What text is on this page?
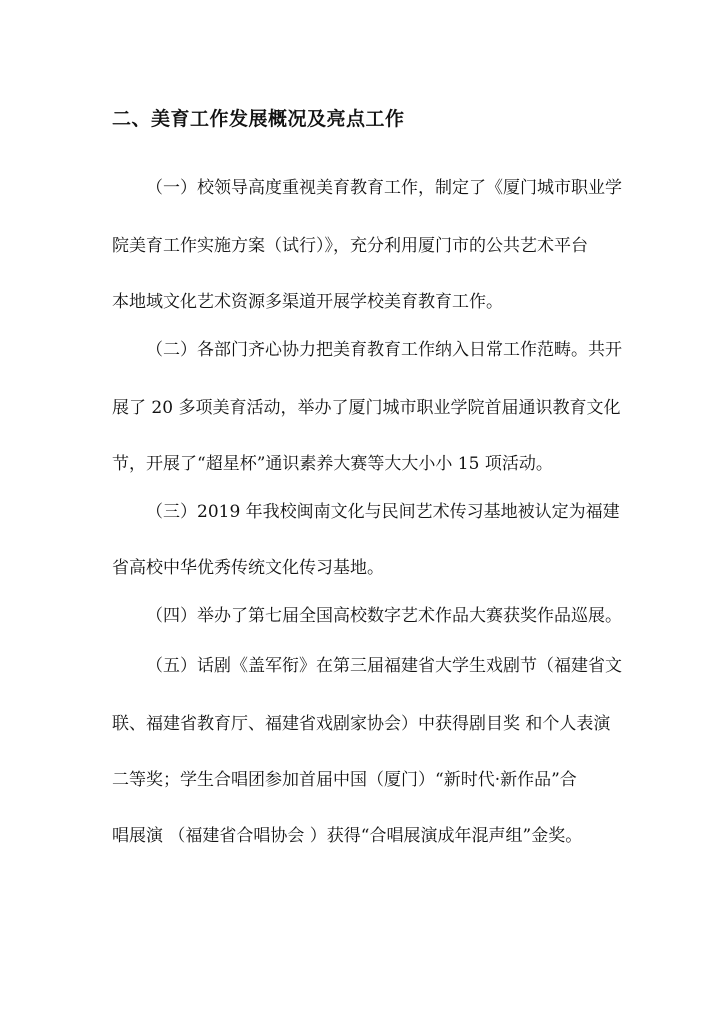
二、美育工作发展概况及亮点工作
（一）校领导高度重视美育教育工作，制定了《厦门城市职业学
院美育工作实施方案（试行）》，充分利用厦门市的公共艺术平台
本地域文化艺术资源多渠道开展学校美育教育工作。
（二）各部门齐心协力把美育教育工作纳入日常工作范畴。共开
展了 20 多项美育活动，举办了厦门城市职业学院首届通识教育文化
节，开展了“超星杯”通识素养大赛等大大小小 15 项活动。
（三）2019 年我校闽南文化与民间艺术传习基地被认定为福建
省高校中华优秀传统文化传习基地。
（四）举办了第七届全国高校数字艺术作品大赛获奖作品巡展。
（五）话剧《盖军衔》在第三届福建省大学生戏剧节（福建省文
联、福建省教育厅、福建省戏剧家协会）中获得剧目奖 和个人表演
二等奖；学生合唱团参加首届中国（厦门）“新时代·新作品”合
唱展演 （福建省合唱协会 ）获得“合唱展演成年混声组”金奖。
